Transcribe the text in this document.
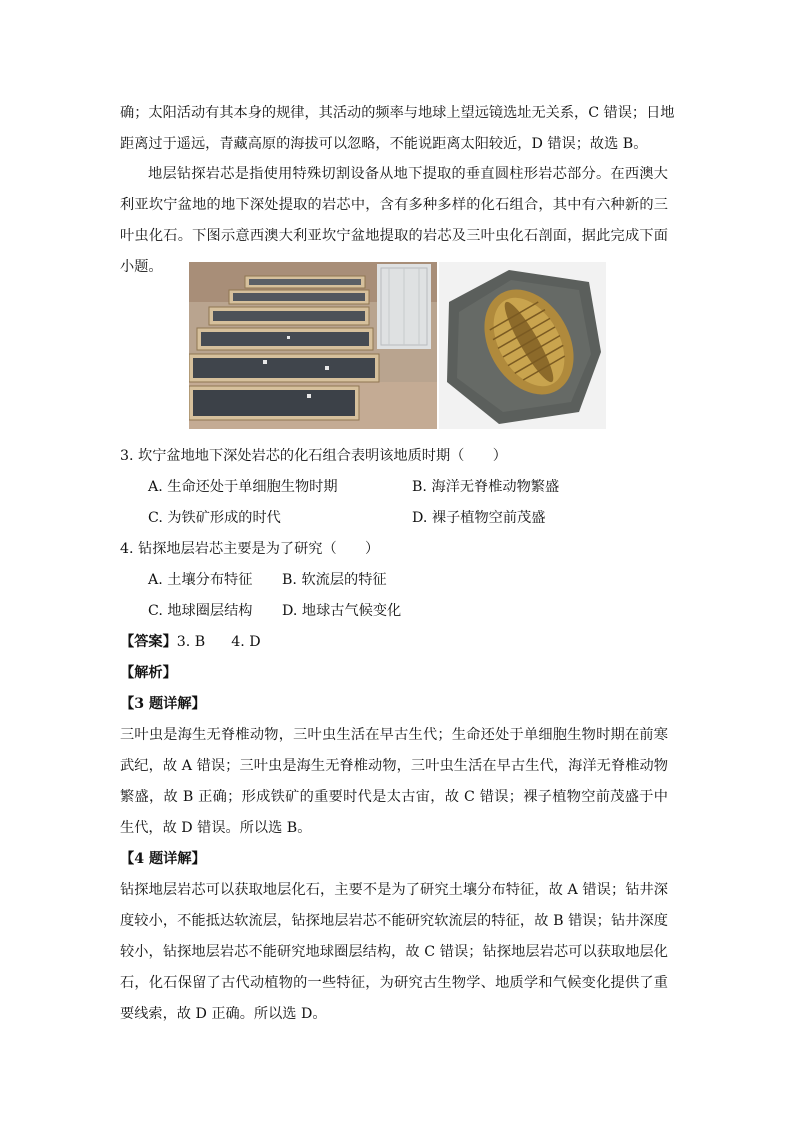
确；太阳活动有其本身的规律，其活动的频率与地球上望远镜选址无关系，C 错误；日地
距离过于遥远，青藏高原的海拔可以忽略，不能说距离太阳较近，D 错误；故选 B。

地层钻探岩芯是指使用特殊切割设备从地下提取的垂直圆柱形岩芯部分。在西澳大利亚坎宁盆地的地下深处提取的岩芯中，含有多种多样的化石组合，其中有六种新的三叶虫化石。下图示意西澳大利亚坎宁盆地提取的岩芯及三叶虫化石剖面，据此完成下面小题。

3. 坎宁盆地地下深处岩芯的化石组合表明该地质时期（　　）
A. 生命还处于单细胞生物时期	B. 海洋无脊椎动物繁盛
C. 为铁矿形成的时代	D. 裸子植物空前茂盛
4. 钻探地层岩芯主要是为了研究（　　）
A. 土壤分布特征 B. 软流层的特征
C. 地球圈层结构 D. 地球古气候变化
【答案】3. B 4. D
【解析】
【3 题详解】

三叶虫是海生无脊椎动物，三叶虫生活在早古生代；生命还处于单细胞生物时期在前寒武纪，故 A 错误；三叶虫是海生无脊椎动物，三叶虫生活在早古生代，海洋无脊椎动物繁盛，故 B 正确；形成铁矿的重要时代是太古宙，故 C 错误；裸子植物空前茂盛于中生代，故 D 错误。所以选 B。

【4 题详解】

钻探地层岩芯可以获取地层化石，主要不是为了研究土壤分布特征，故 A 错误；钻井深度较小，不能抵达软流层，钻探地层岩芯不能研究软流层的特征，故 B 错误；钻井深度较小，钻探地层岩芯不能研究地球圈层结构，故 C 错误；钻探地层岩芯可以获取地层化石，化石保留了古代动植物的一些特征，为研究古生物学、地质学和气候变化提供了重要线索，故 D 正确。所以选 D。
